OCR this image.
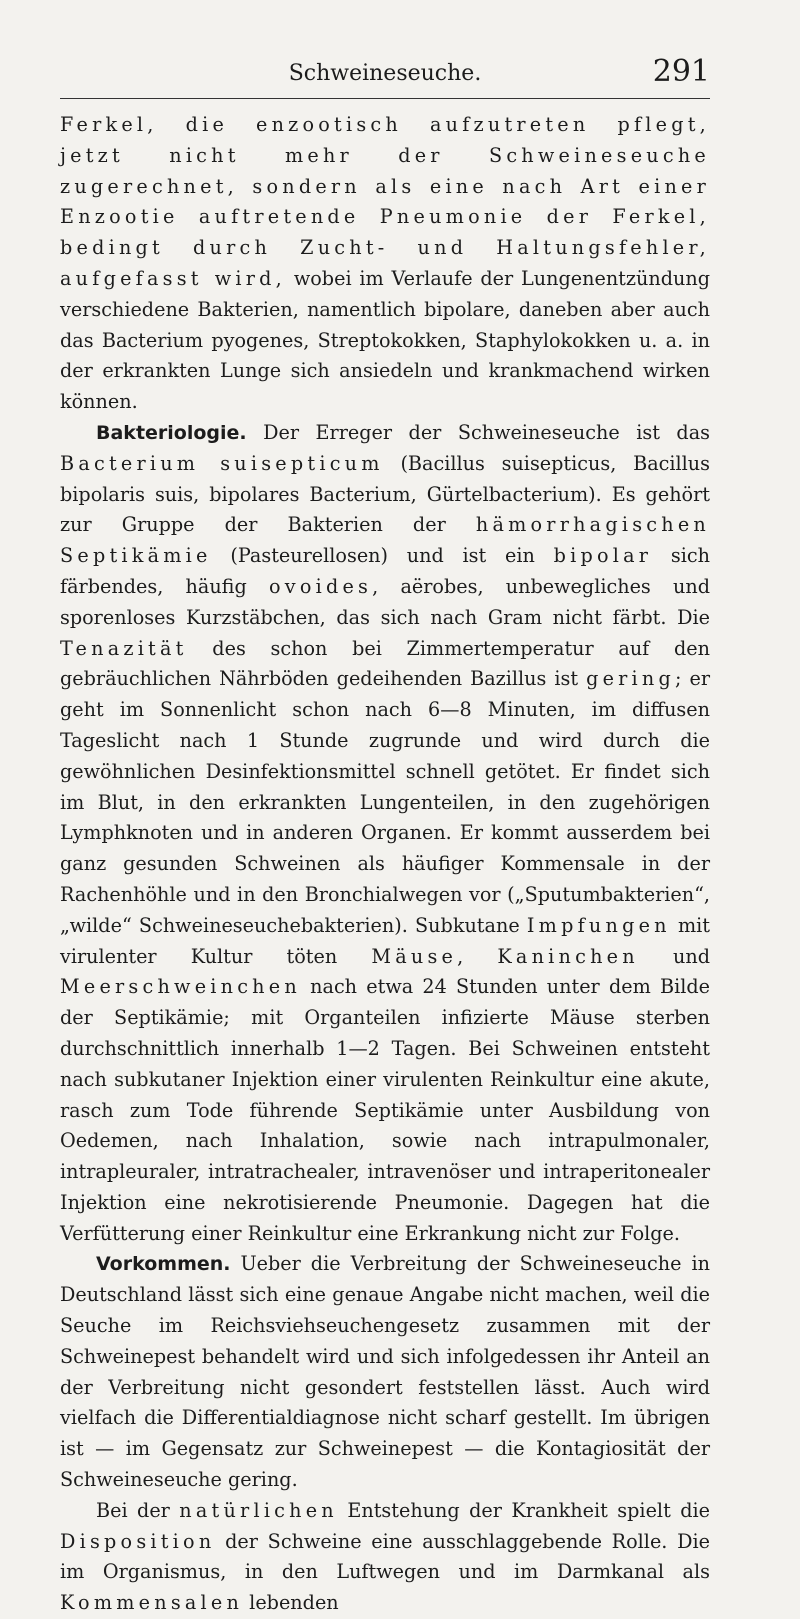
Schweineseuche.	291

Ferkel, die enzootisch aufzutreten pflegt, jetzt nicht mehr der Schweineseuche zugerechnet, sondern als eine nach Art einer Enzootie auftretende Pneumonie der Ferkel, bedingt durch Zucht- und Haltungsfehler, aufgefasst wird, wobei im Verlaufe der Lungenentzündung verschiedene Bakterien, namentlich bipolare, daneben aber auch das Bacterium pyogenes, Streptokokken, Staphylokokken u. a. in der erkrankten Lunge sich ansiedeln und krankmachend wirken können.

Bakteriologie. Der Erreger der Schweineseuche ist das Bacterium suisepticum (Bacillus suisepticus, Bacillus bipolaris suis, bipolares Bacterium, Gürtelbacterium). Es gehört zur Gruppe der Bakterien der hämorrhagischen Septikämie (Pasteurellosen) und ist ein bipolar sich färbendes, häufig ovoides, aërobes, unbewegliches und sporenloses Kurzstäbchen, das sich nach Gram nicht färbt. Die Tenazität des schon bei Zimmertemperatur auf den gebräuchlichen Nährböden gedeihenden Bazillus ist gering; er geht im Sonnenlicht schon nach 6—8 Minuten, im diffusen Tageslicht nach 1 Stunde zugrunde und wird durch die gewöhnlichen Desinfektionsmittel schnell getötet. Er findet sich im Blut, in den erkrankten Lungenteilen, in den zugehörigen Lymphknoten und in anderen Organen. Er kommt ausserdem bei ganz gesunden Schweinen als häufiger Kommensale in der Rachenhöhle und in den Bronchialwegen vor („Sputumbakterien“, „wilde“ Schweineseuchebakterien). Subkutane Impfungen mit virulenter Kultur töten Mäuse, Kaninchen und Meerschweinchen nach etwa 24 Stunden unter dem Bilde der Septikämie; mit Organteilen infizierte Mäuse sterben durchschnittlich innerhalb 1—2 Tagen. Bei Schweinen entsteht nach subkutaner Injektion einer virulenten Reinkultur eine akute, rasch zum Tode führende Septikämie unter Ausbildung von Oedemen, nach Inhalation, sowie nach intrapulmonaler, intrapleuraler, intratrachealer, intravenöser und intraperitonealer Injektion eine nekrotisierende Pneumonie. Dagegen hat die Verfütterung einer Reinkultur eine Erkrankung nicht zur Folge.

Vorkommen. Ueber die Verbreitung der Schweineseuche in Deutschland lässt sich eine genaue Angabe nicht machen, weil die Seuche im Reichsviehseuchengesetz zusammen mit der Schweinepest behandelt wird und sich infolgedessen ihr Anteil an der Verbreitung nicht gesondert feststellen lässt. Auch wird vielfach die Differentialdiagnose nicht scharf gestellt. Im übrigen ist — im Gegensatz zur Schweinepest — die Kontagiosität der Schweineseuche gering.

Bei der natürlichen Entstehung der Krankheit spielt die Disposition der Schweine eine ausschlaggebende Rolle. Die im Organismus, in den Luftwegen und im Darmkanal als Kommensalen lebenden
